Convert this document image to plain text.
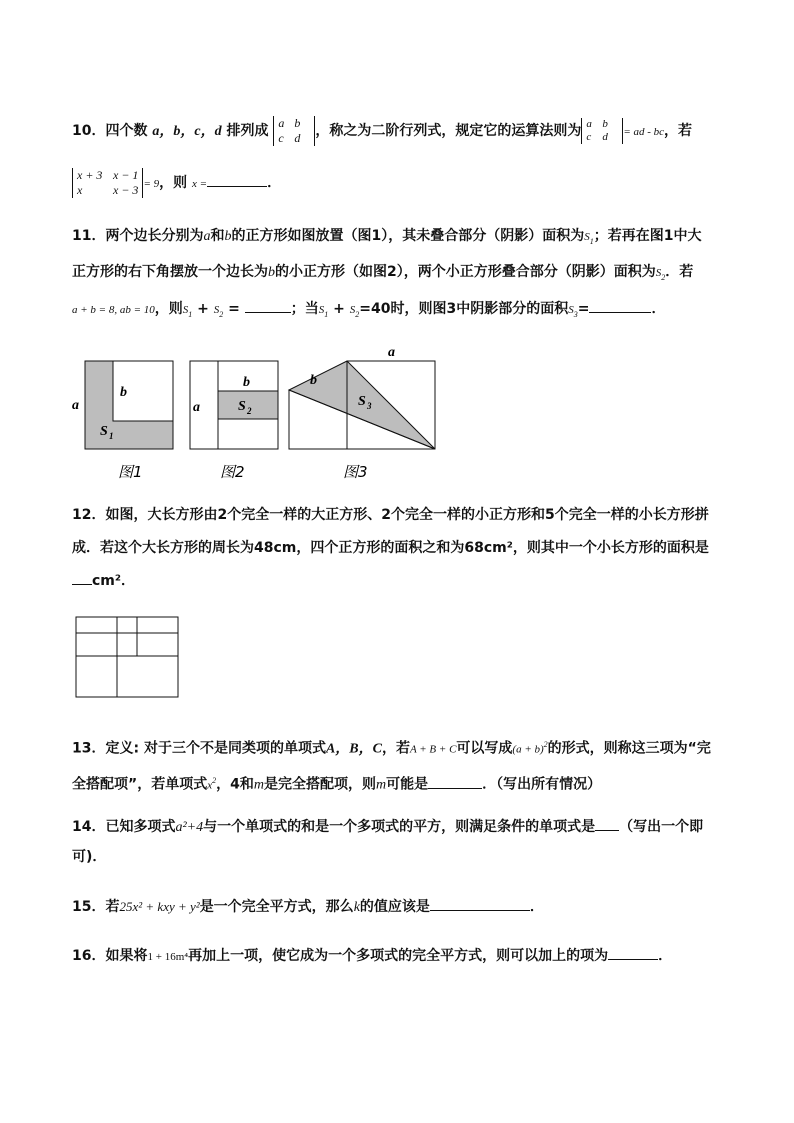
10．四个数 a，b，c，d 排列成 a b
c d	，称之为二阶行列式，规定它的运算法则为 a b
c d	= ad - bc，若
x + 3 x − 1
x	x − 3 = 9，则 x =	．
11．两个边长分别为a和b的正方形如图放置（图1），其未叠合部分（阴影）面积为$S_1$；若再在图1中大
正方形的右下角摆放一个边长为b的小正方形（如图2），两个小正方形叠合部分（阴影）面积为$S_2$．若
a + b = 8, ab = 10，则$S_1 + S_2$ =	；当$S_1 + S_2=40$时，则图3中阴影部分的面积$S_3=$	．
a
b
S 1
图1
a
b
S 2
图2
a
b
S 3
图3
12．如图，大长方形由2个完全一样的大正方形、2个完全一样的小正方形和5个完全一样的小长方形拼
成．若这个大长方形的周长为48cm，四个正方形的面积之和为68cm²，则其中一个小长方形的面积是
cm²．
13．定义: 对于三个不是同类项的单项式A，B，C，若A + B + C可以写成$(a + b)^2$的形式，则称这三项为“完
全搭配项”，若单项式$x^2$，4和m是完全搭配项，则m可能是	．（写出所有情况）
14．已知多项式a²+4与一个单项式的和是一个多项式的平方，则满足条件的单项式是 （写出一个即
可)．
15．若25x² + kxy + y²是一个完全平方式，那么k的值应该是	．
16．如果将1 + 16m⁴再加上一项，使它成为一个多项式的完全平方式，则可以加上的项为	．
